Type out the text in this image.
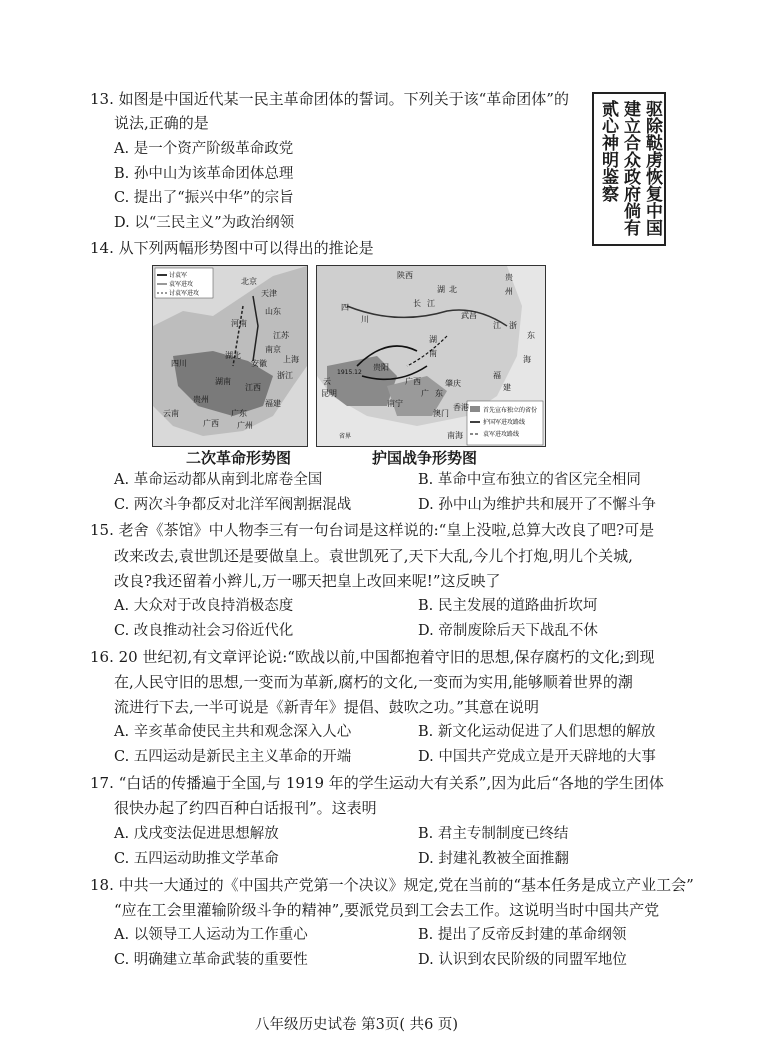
13. 如图是中国近代某一民主革命团体的誓词。下列关于该“革命团体”的
说法,正确的是
A. 是一个资产阶级革命政党
B. 孙中山为该革命团体总理
C. 提出了“振兴中华”的宗旨
D. 以“三民主义”为政治纲领	驱除鞑虏恢复中国
建立合众政府倘有
贰心神明鉴察
14. 从下列两幅形势图中可以得出的推论是
讨袁军
袁军进攻
讨袁军进攻
北京
天津
河南
山东
江苏
南京
上海
浙江
湖北
安徽
江西
湖南
福建
广东
广州
四川
贵州
云南
广西
二次革命形势图
首先宣布独立的省份
护国军进攻路线
袁军进攻路线
陕西
四
川
长 江
湖 北
武昌
贵
州
江 浙
东
海
湖
南
云
昆明
贵阳
南宁
1915.12
广 东
广西
福
建
肇庆
澳门
香港
南海
省界
护国战争形势图
A. 革命运动都从南到北席卷全国	B. 革命中宣布独立的省区完全相同
C. 两次斗争都反对北洋军阀割据混战	D. 孙中山为维护共和展开了不懈斗争
15. 老舍《茶馆》中人物李三有一句台词是这样说的:“皇上没啦,总算大改良了吧?可是
改来改去,袁世凯还是要做皇上。袁世凯死了,天下大乱,今儿个打炮,明儿个关城,
改良?我还留着小辫儿,万一哪天把皇上改回来呢!”这反映了
A. 大众对于改良持消极态度	B. 民主发展的道路曲折坎坷
C. 改良推动社会习俗近代化	D. 帝制废除后天下战乱不休
16. 20 世纪初,有文章评论说:“欧战以前,中国都抱着守旧的思想,保存腐朽的文化;到现
在,人民守旧的思想,一变而为革新,腐朽的文化,一变而为实用,能够顺着世界的潮
流进行下去,一半可说是《新青年》提倡、鼓吹之功。”其意在说明
A. 辛亥革命使民主共和观念深入人心	B. 新文化运动促进了人们思想的解放
C. 五四运动是新民主主义革命的开端	D. 中国共产党成立是开天辟地的大事
17. “白话的传播遍于全国,与 1919 年的学生运动大有关系”,因为此后“各地的学生团体
很快办起了约四百种白话报刊”。这表明
A. 戊戌变法促进思想解放	B. 君主专制制度已终结
C. 五四运动助推文学革命	D. 封建礼教被全面推翻
18. 中共一大通过的《中国共产党第一个决议》规定,党在当前的“基本任务是成立产业工会”
“应在工会里灌输阶级斗争的精神”,要派党员到工会去工作。这说明当时中国共产党
A. 以领导工人运动为工作重心	B. 提出了反帝反封建的革命纲领
C. 明确建立革命武装的重要性	D. 认识到农民阶级的同盟军地位
八年级历史试卷 第3页( 共6 页)
